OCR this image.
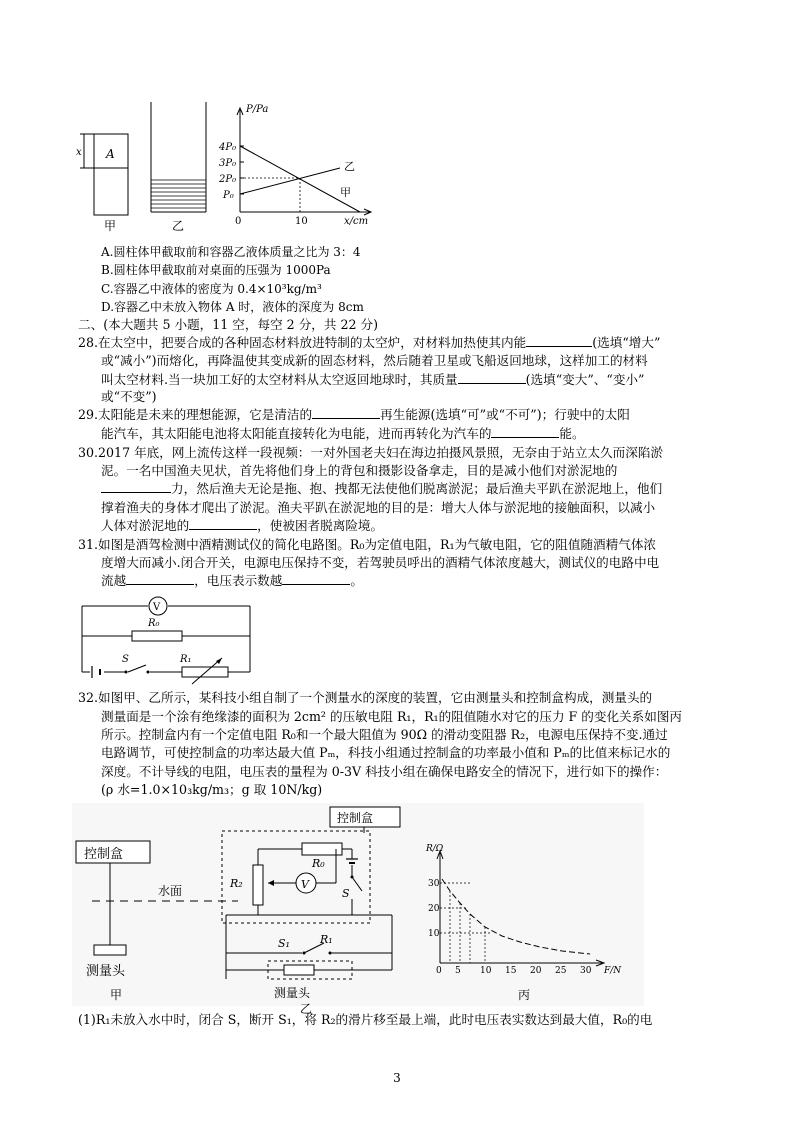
x A
甲	乙
P/Pa
x/cm
0	10
4P₀
3P₀
2P₀
P₀
乙
甲
A.圆柱体甲截取前和容器乙液体质量之比为 3：4
B.圆柱体甲截取前对桌面的压强为 1000Pa
C.容器乙中液体的密度为 0.4×10³kg/m³
D.容器乙中未放入物体 A 时，液体的深度为 8cm
二、(本大题共 5 小题，11 空，每空 2 分，共 22 分)
28.在太空中，把要合成的各种固态材料放进特制的太空炉，对材料加热使其内能	(选填“增大”
或“减小”)而熔化，再降温使其变成新的固态材料，然后随着卫星或飞船返回地球，这样加工的材料
叫太空材料.当一块加工好的太空材料从太空返回地球时，其质量	(选填“变大”、“变小”
或“不变”)
29.太阳能是未来的理想能源，它是清洁的	再生能源(选填“可”或“不可”)；行驶中的太阳
能汽车，其太阳能电池将太阳能直接转化为电能，进而再转化为汽车的	能。
30.2017 年底，网上流传这样一段视频：一对外国老夫妇在海边拍摄风景照，无奈由于站立太久而深陷淤
泥。一名中国渔夫见状，首先将他们身上的背包和摄影设备拿走，目的是减小他们对淤泥地的
力，然后渔夫无论是拖、抱、拽都无法使他们脱离淤泥；最后渔夫平趴在淤泥地上，他们
撑着渔夫的身体才爬出了淤泥。渔夫平趴在淤泥地的目的是：增大人体与淤泥地的接触面积，以减小
人体对淤泥地的	，使被困者脱离险境。
31.如图是酒驾检测中酒精测试仪的简化电路图。R₀为定值电阻，R₁为气敏电阻，它的阻值随酒精气体浓
度增大而减小.闭合开关，电源电压保持不变，若驾驶员呼出的酒精气体浓度越大，测试仪的电路中电
流越	，电压表示数越	。
V
R₀
S	R₁
32.如图甲、乙所示，某科技小组自制了一个测量水的深度的装置，它由测量头和控制盒构成，测量头的
测量面是一个涂有绝缘漆的面积为 2cm² 的压敏电阻 R₁，R₁的阻值随水对它的压力 F 的变化关系如图丙
所示。控制盒内有一个定值电阻 R₀和一个最大阻值为 90Ω 的滑动变阻器 R₂，电源电压保持不变.通过
电路调节，可使控制盒的功率达最大值 Pₘ，科技小组通过控制盒的功率最小值和 Pₘ的比值来标记水的
深度。不计导线的电阻，电压表的量程为 0-3V 科技小组在确保电路安全的情况下，进行如下的操作：
(ρ 水=1.0×10₃kg/m₃；g 取 10N/kg)
控制盒
水面
测量头
甲
控制盒
V
R₀
R₂
S
S₁	R₁
测量头
乙
R/Ω
F/N
30
20
10
0 5 10 15 20 25 30
丙
(1)R₁未放入水中时，闭合 S，断开 S₁，将 R₂的滑片移至最上端，此时电压表实数达到最大值，R₀的电
3
